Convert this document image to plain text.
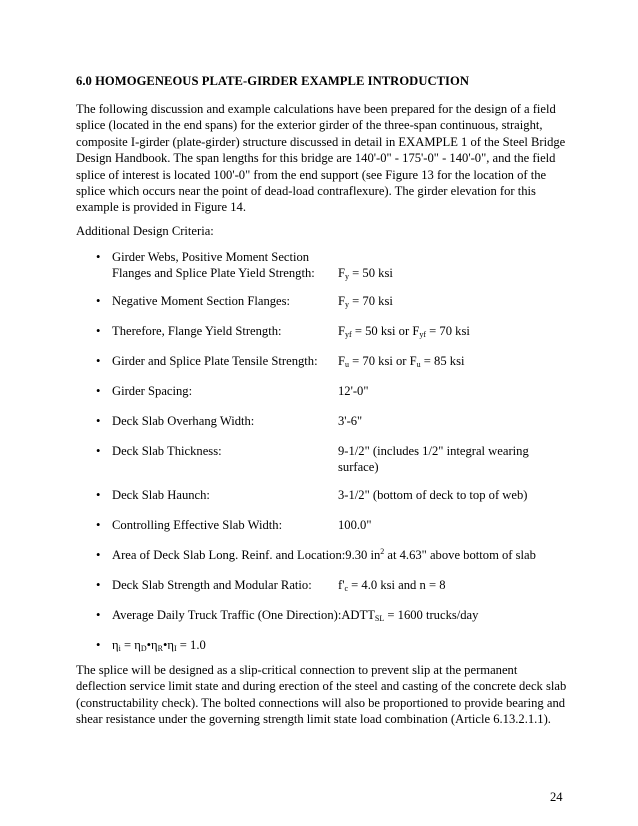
6.0 HOMOGENEOUS PLATE-GIRDER EXAMPLE INTRODUCTION
The following discussion and example calculations have been prepared for the design of a field
splice (located in the end spans) for the exterior girder of the three-span continuous, straight,
composite I-girder (plate-girder) structure discussed in detail in EXAMPLE 1 of the Steel Bridge
Design Handbook. The span lengths for this bridge are 140'-0" - 175'-0" - 140'-0", and the field
splice of interest is located 100'-0" from the end support (see Figure 13 for the location of the
splice which occurs near the point of dead-load contraflexure). The girder elevation for this
example is provided in Figure 14.
Additional Design Criteria:
• Girder Webs, Positive Moment Section
Flanges and Splice Plate Yield Strength: $F_y = 50$ ksi
• Negative Moment Section Flanges:	$F_y = 70$ ksi
• Therefore, Flange Yield Strength:	$F_{yf} = 50$ ksi or $F_{yf} = 70$ ksi
• Girder and Splice Plate Tensile Strength: $F_u = 70$ ksi or $F_u = 85$ ksi
• Girder Spacing:	12'-0"
• Deck Slab Overhang Width:	3'-6"
• Deck Slab Thickness:	9-1/2" (includes 1/2" integral wearing
surface)
• Deck Slab Haunch:	3-1/2" (bottom of deck to top of web)
• Controlling Effective Slab Width:	100.0"
• Area of Deck Slab Long. Reinf. and Location:9.30 $in^2$ at 4.63" above bottom of slab
• Deck Slab Strength and Modular Ratio: $f'_c = 4.0$ ksi and n = 8
• Average Daily Truck Traffic (One $Direction):ADTT_{SL} = 1600$ trucks/day
• $\eta_i$ = $\eta_D•\eta_R•\eta_I = 1.0$
The splice will be designed as a slip-critical connection to prevent slip at the permanent
deflection service limit state and during erection of the steel and casting of the concrete deck slab
(constructability check). The bolted connections will also be proportioned to provide bearing and
shear resistance under the governing strength limit state load combination (Article 6.13.2.1.1).
24
